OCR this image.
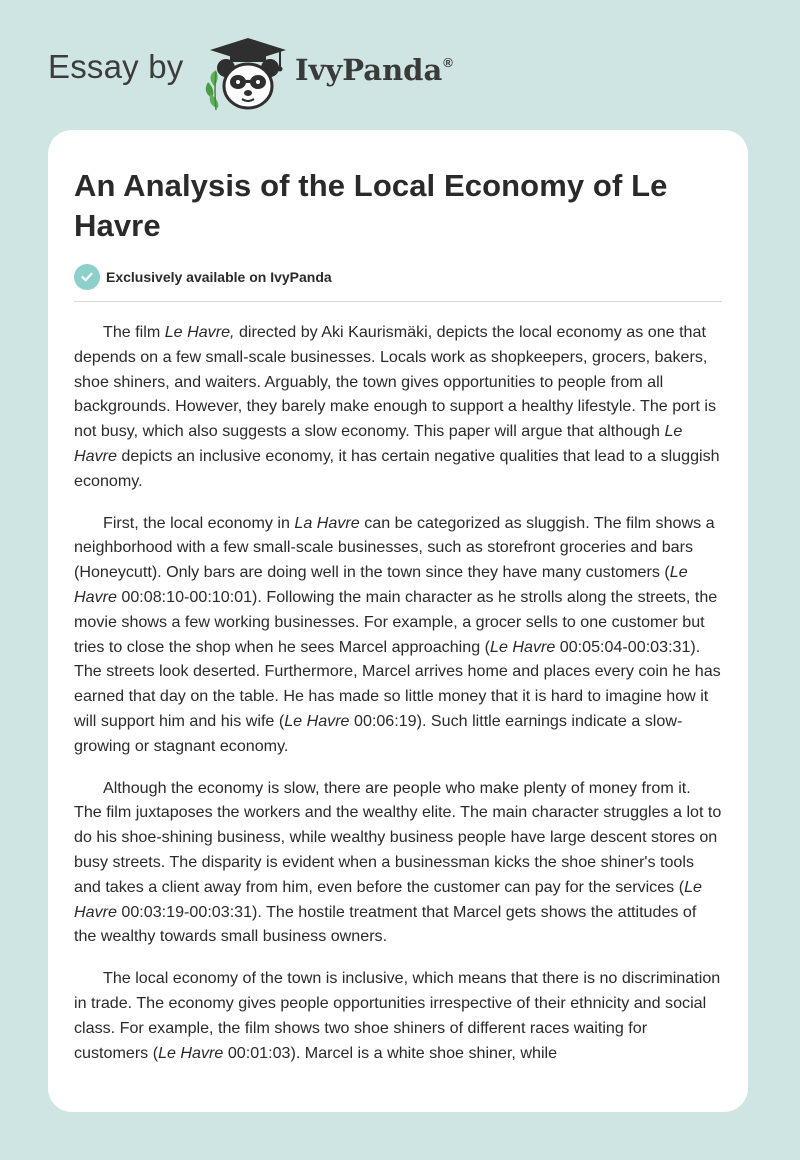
Essay by	IvyPanda®
An Analysis of the Local Economy of Le Havre
Exclusively available on IvyPanda

The film Le Havre, directed by Aki Kaurismäki, depicts the local economy as one that depends on a few small-scale businesses. Locals work as shopkeepers, grocers, bakers, shoe shiners, and waiters. Arguably, the town gives opportunities to people from all backgrounds. However, they barely make enough to support a healthy lifestyle. The port is not busy, which also suggests a slow economy. This paper will argue that although Le Havre depicts an inclusive economy, it has certain negative qualities that lead to a sluggish economy.

First, the local economy in La Havre can be categorized as sluggish. The film shows a neighborhood with a few small-scale businesses, such as storefront groceries and bars (Honeycutt). Only bars are doing well in the town since they have many customers (Le Havre 00:08:10-00:10:01). Following the main character as he strolls along the streets, the movie shows a few working businesses. For example, a grocer sells to one customer but tries to close the shop when he sees Marcel approaching (Le Havre 00:05:04-00:03:31). The streets look deserted. Furthermore, Marcel arrives home and places every coin he has earned that day on the table. He has made so little money that it is hard to imagine how it will support him and his wife (Le Havre 00:06:19). Such little earnings indicate a slow-growing or stagnant economy.

Although the economy is slow, there are people who make plenty of money from it. The film juxtaposes the workers and the wealthy elite. The main character struggles a lot to do his shoe-shining business, while wealthy business people have large descent stores on busy streets. The disparity is evident when a businessman kicks the shoe shiner's tools and takes a client away from him, even before the customer can pay for the services (Le Havre 00:03:19-00:03:31). The hostile treatment that Marcel gets shows the attitudes of the wealthy towards small business owners.

The local economy of the town is inclusive, which means that there is no discrimination in trade. The economy gives people opportunities irrespective of their ethnicity and social class. For example, the film shows two shoe shiners of different races waiting for customers (Le Havre 00:01:03). Marcel is a white shoe shiner, while
